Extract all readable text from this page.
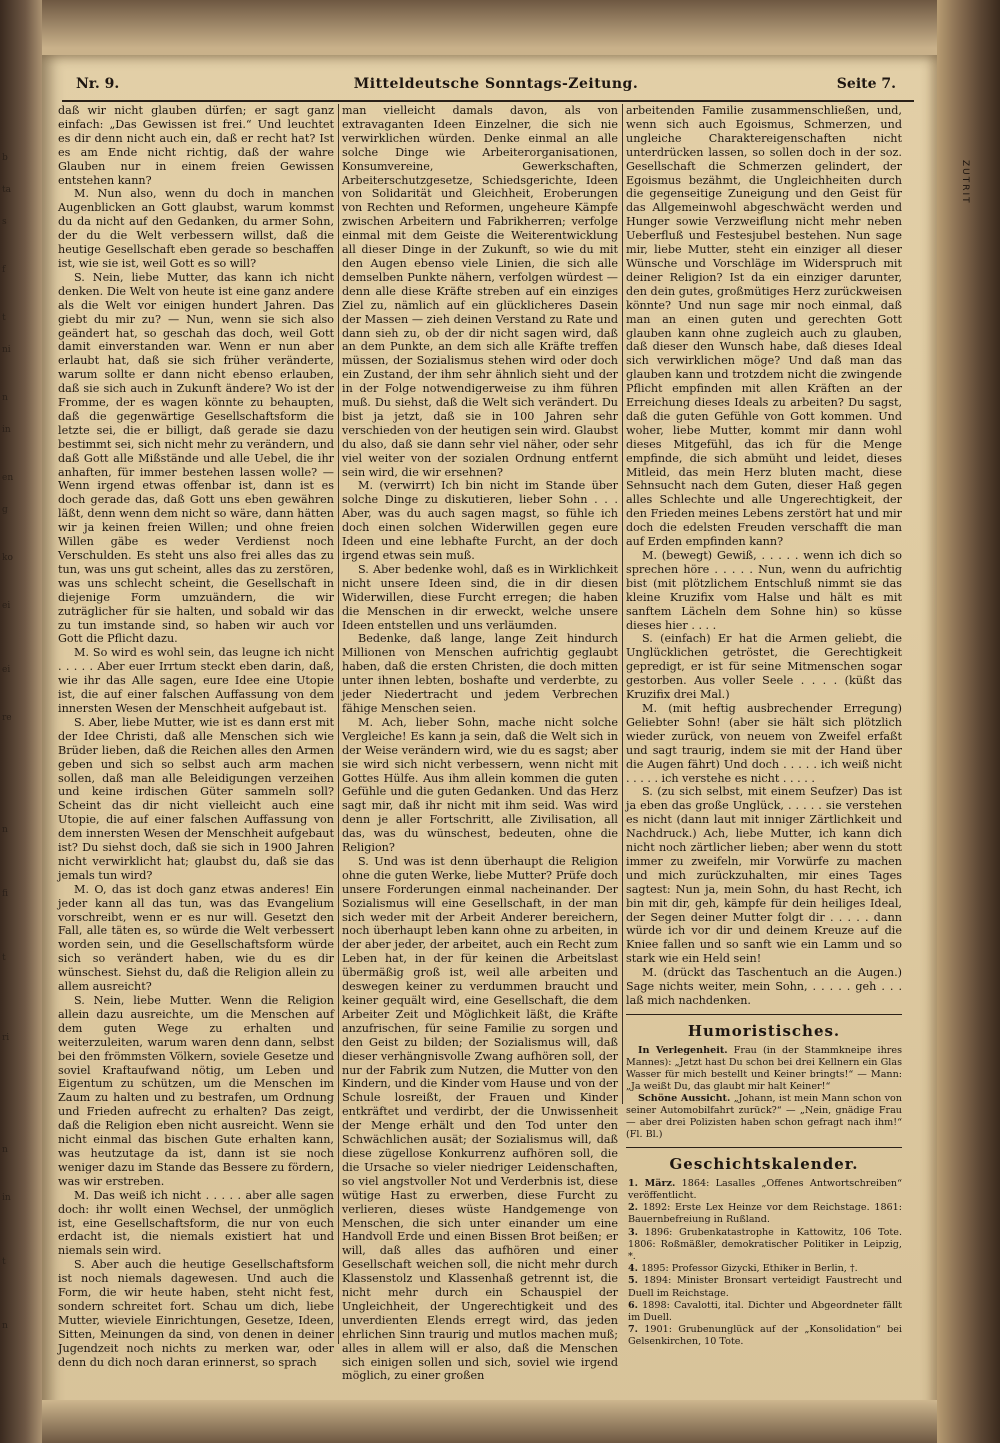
b

ta

s

f

t

ni

n

in

en

g

ko

ei

ei

re

n

fi

t

ri

n

in

t

n

ZUTRIT
Nr. 9.	Mitteldeutsche Sonntags-Zeitung.	Seite 7.

daß wir nicht glauben dürfen; er sagt ganz einfach: „Das Gewissen ist frei.“ Und leuchtet es dir denn nicht auch ein, daß er recht hat? Ist es am Ende nicht richtig, daß der wahre Glauben nur in einem freien Gewissen entstehen kann?

M. Nun also, wenn du doch in manchen Augenblicken an Gott glaubst, warum kommst du da nicht auf den Gedanken, du armer Sohn, der du die Welt verbessern willst, daß die heutige Gesellschaft eben gerade so beschaffen ist, wie sie ist, weil Gott es so will?

S. Nein, liebe Mutter, das kann ich nicht denken. Die Welt von heute ist eine ganz andere als die Welt vor einigen hundert Jahren. Das giebt du mir zu? — Nun, wenn sie sich also geändert hat, so geschah das doch, weil Gott damit einverstanden war. Wenn er nun aber erlaubt hat, daß sie sich früher veränderte, warum sollte er dann nicht ebenso erlauben, daß sie sich auch in Zukunft ändere? Wo ist der Fromme, der es wagen könnte zu behaupten, daß die gegenwärtige Gesellschaftsform die letzte sei, die er billigt, daß gerade sie dazu bestimmt sei, sich nicht mehr zu verändern, und daß Gott alle Mißstände und alle Uebel, die ihr anhaften, für immer bestehen lassen wolle? — Wenn irgend etwas offenbar ist, dann ist es doch gerade das, daß Gott uns eben gewähren läßt, denn wenn dem nicht so wäre, dann hätten wir ja keinen freien Willen; und ohne freien Willen gäbe es weder Verdienst noch Verschulden. Es steht uns also frei alles das zu tun, was uns gut scheint, alles das zu zerstören, was uns schlecht scheint, die Gesellschaft in diejenige Form umzuändern, die wir zuträglicher für sie halten, und sobald wir das zu tun imstande sind, so haben wir auch vor Gott die Pflicht dazu.

M. So wird es wohl sein, das leugne ich nicht . . . . . Aber euer Irrtum steckt eben darin, daß, wie ihr das Alle sagen, eure Idee eine Utopie ist, die auf einer falschen Auffassung von dem innersten Wesen der Menschheit aufgebaut ist.

S. Aber, liebe Mutter, wie ist es dann erst mit der Idee Christi, daß alle Menschen sich wie Brüder lieben, daß die Reichen alles den Armen geben und sich so selbst auch arm machen sollen, daß man alle Beleidigungen verzeihen und keine irdischen Güter sammeln soll? Scheint das dir nicht vielleicht auch eine Utopie, die auf einer falschen Auffassung von dem innersten Wesen der Menschheit aufgebaut ist? Du siehst doch, daß sie sich in 1900 Jahren nicht verwirklicht hat; glaubst du, daß sie das jemals tun wird?

M. O, das ist doch ganz etwas anderes! Ein jeder kann all das tun, was das Evangelium vorschreibt, wenn er es nur will. Gesetzt den Fall, alle täten es, so würde die Welt verbessert worden sein, und die Gesellschaftsform würde sich so verändert haben, wie du es dir wünschest. Siehst du, daß die Religion allein zu allem ausreicht?

S. Nein, liebe Mutter. Wenn die Religion allein dazu ausreichte, um die Menschen auf dem guten Wege zu erhalten und weiterzuleiten, warum waren denn dann, selbst bei den frömmsten Völkern, soviele Gesetze und soviel Kraftaufwand nötig, um Leben und Eigentum zu schützen, um die Menschen im Zaum zu halten und zu bestrafen, um Ordnung und Frieden aufrecht zu erhalten? Das zeigt, daß die Religion eben nicht ausreicht. Wenn sie nicht einmal das bischen Gute erhalten kann, was heutzutage da ist, dann ist sie noch weniger dazu im Stande das Bessere zu fördern, was wir erstreben.

M. Das weiß ich nicht . . . . . aber alle sagen doch: ihr wollt einen Wechsel, der unmöglich ist, eine Gesellschaftsform, die nur von euch erdacht ist, die niemals existiert hat und niemals sein wird.

S. Aber auch die heutige Gesellschaftsform ist noch niemals dagewesen. Und auch die Form, die wir heute haben, steht nicht fest, sondern schreitet fort. Schau um dich, liebe Mutter, wieviele Einrichtungen, Gesetze, Ideen, Sitten, Meinungen da sind, von denen in deiner Jugendzeit noch nichts zu merken war, oder denn du dich noch daran erinnerst, so sprach

man vielleicht damals davon, als von extravaganten Ideen Einzelner, die sich nie verwirklichen würden. Denke einmal an alle solche Dinge wie Arbeiterorganisationen, Konsumvereine, Gewerkschaften, Arbeiterschutzgesetze, Schiedsgerichte, Ideen von Solidarität und Gleichheit, Eroberungen von Rechten und Reformen, ungeheure Kämpfe zwischen Arbeitern und Fabrikherren; verfolge einmal mit dem Geiste die Weiterentwicklung all dieser Dinge in der Zukunft, so wie du mit den Augen ebenso viele Linien, die sich alle demselben Punkte nähern, verfolgen würdest — denn alle diese Kräfte streben auf ein einziges Ziel zu, nämlich auf ein glücklicheres Dasein der Massen — zieh deinen Verstand zu Rate und dann sieh zu, ob der dir nicht sagen wird, daß an dem Punkte, an dem sich alle Kräfte treffen müssen, der Sozialismus stehen wird oder doch ein Zustand, der ihm sehr ähnlich sieht und der in der Folge notwendigerweise zu ihm führen muß. Du siehst, daß die Welt sich verändert. Du bist ja jetzt, daß sie in 100 Jahren sehr verschieden von der heutigen sein wird. Glaubst du also, daß sie dann sehr viel näher, oder sehr viel weiter von der sozialen Ordnung entfernt sein wird, die wir ersehnen?

M. (verwirrt) Ich bin nicht im Stande über solche Dinge zu diskutieren, lieber Sohn . . . Aber, was du auch sagen magst, so fühle ich doch einen solchen Widerwillen gegen eure Ideen und eine lebhafte Furcht, an der doch irgend etwas sein muß.

S. Aber bedenke wohl, daß es in Wirklichkeit nicht unsere Ideen sind, die in dir diesen Widerwillen, diese Furcht erregen; die haben die Menschen in dir erweckt, welche unsere Ideen entstellen und uns verläumden.

Bedenke, daß lange, lange Zeit hindurch Millionen von Menschen aufrichtig geglaubt haben, daß die ersten Christen, die doch mitten unter ihnen lebten, boshafte und verderbte, zu jeder Niedertracht und jedem Verbrechen fähige Menschen seien.

M. Ach, lieber Sohn, mache nicht solche Vergleiche! Es kann ja sein, daß die Welt sich in der Weise verändern wird, wie du es sagst; aber sie wird sich nicht verbessern, wenn nicht mit Gottes Hülfe. Aus ihm allein kommen die guten Gefühle und die guten Gedanken. Und das Herz sagt mir, daß ihr nicht mit ihm seid. Was wird denn je aller Fortschritt, alle Zivilisation, all das, was du wünschest, bedeuten, ohne die Religion?

S. Und was ist denn überhaupt die Religion ohne die guten Werke, liebe Mutter? Prüfe doch unsere Forderungen einmal nacheinander. Der Sozialismus will eine Gesellschaft, in der man sich weder mit der Arbeit Anderer bereichern, noch überhaupt leben kann ohne zu arbeiten, in der aber jeder, der arbeitet, auch ein Recht zum Leben hat, in der für keinen die Arbeitslast übermäßig groß ist, weil alle arbeiten und deswegen keiner zu verdummen braucht und keiner gequält wird, eine Gesellschaft, die dem Arbeiter Zeit und Möglichkeit läßt, die Kräfte anzufrischen, für seine Familie zu sorgen und den Geist zu bilden; der Sozialismus will, daß dieser verhängnisvolle Zwang aufhören soll, der nur der Fabrik zum Nutzen, die Mutter von den Kindern, und die Kinder vom Hause und von der Schule losreißt, der Frauen und Kinder entkräftet und verdirbt, der die Unwissenheit der Menge erhält und den Tod unter den Schwächlichen ausät; der Sozialismus will, daß diese zügellose Konkurrenz aufhören soll, die die Ursache so vieler niedriger Leidenschaften, so viel angstvoller Not und Verderbnis ist, diese wütige Hast zu erwerben, diese Furcht zu verlieren, dieses wüste Handgemenge von Menschen, die sich unter einander um eine Handvoll Erde und einen Bissen Brot beißen; er will, daß alles das aufhören und einer Gesellschaft weichen soll, die nicht mehr durch Klassenstolz und Klassenhaß getrennt ist, die nicht mehr durch ein Schauspiel der Ungleichheit, der Ungerechtigkeit und des unverdienten Elends erregt wird, das jeden ehrlichen Sinn traurig und mutlos machen muß; alles in allem will er also, daß die Menschen sich einigen sollen und sich, soviel wie irgend möglich, zu einer großen

arbeitenden Familie zusammenschließen, und, wenn sich auch Egoismus, Schmerzen, und ungleiche Charaktereigenschaften nicht unterdrücken lassen, so sollen doch in der soz. Gesellschaft die Schmerzen gelindert, der Egoismus bezähmt, die Ungleichheiten durch die gegenseitige Zuneigung und den Geist für das Allgemeinwohl abgeschwächt werden und Hunger sowie Verzweiflung nicht mehr neben Ueberfluß und Festesjubel bestehen. Nun sage mir, liebe Mutter, steht ein einziger all dieser Wünsche und Vorschläge im Widerspruch mit deiner Religion? Ist da ein einziger darunter, den dein gutes, großmütiges Herz zurückweisen könnte? Und nun sage mir noch einmal, daß man an einen guten und gerechten Gott glauben kann ohne zugleich auch zu glauben, daß dieser den Wunsch habe, daß dieses Ideal sich verwirklichen möge? Und daß man das glauben kann und trotzdem nicht die zwingende Pflicht empfinden mit allen Kräften an der Erreichung dieses Ideals zu arbeiten? Du sagst, daß die guten Gefühle von Gott kommen. Und woher, liebe Mutter, kommt mir dann wohl dieses Mitgefühl, das ich für die Menge empfinde, die sich abmüht und leidet, dieses Mitleid, das mein Herz bluten macht, diese Sehnsucht nach dem Guten, dieser Haß gegen alles Schlechte und alle Ungerechtigkeit, der den Frieden meines Lebens zerstört hat und mir doch die edelsten Freuden verschafft die man auf Erden empfinden kann?

M. (bewegt) Gewiß, . . . . . wenn ich dich so sprechen höre . . . . . Nun, wenn du aufrichtig bist (mit plötzlichem Entschluß nimmt sie das kleine Kruzifix vom Halse und hält es mit sanftem Lächeln dem Sohne hin) so küsse dieses hier . . . .

S. (einfach) Er hat die Armen geliebt, die Unglücklichen getröstet, die Gerechtigkeit gepredigt, er ist für seine Mitmenschen sogar gestorben. Aus voller Seele . . . . (küßt das Kruzifix drei Mal.)

M. (mit heftig ausbrechender Erregung) Geliebter Sohn! (aber sie hält sich plötzlich wieder zurück, von neuem von Zweifel erfaßt und sagt traurig, indem sie mit der Hand über die Augen fährt) Und doch . . . . . ich weiß nicht . . . . . ich verstehe es nicht . . . . .

S. (zu sich selbst, mit einem Seufzer) Das ist ja eben das große Unglück, . . . . . sie verstehen es nicht (dann laut mit inniger Zärtlichkeit und Nachdruck.) Ach, liebe Mutter, ich kann dich nicht noch zärtlicher lieben; aber wenn du stott immer zu zweifeln, mir Vorwürfe zu machen und mich zurückzuhalten, mir eines Tages sagtest: Nun ja, mein Sohn, du hast Recht, ich bin mit dir, geh, kämpfe für dein heiliges Ideal, der Segen deiner Mutter folgt dir . . . . . dann würde ich vor dir und deinem Kreuze auf die Kniee fallen und so sanft wie ein Lamm und so stark wie ein Held sein!

M. (drückt das Taschentuch an die Augen.) Sage nichts weiter, mein Sohn, . . . . . geh . . . laß mich nachdenken.

Humoristisches.

In Verlegenheit. Frau (in der Stammkneipe ihres Mannes): „Jetzt hast Du schon bei drei Kellnern ein Glas Wasser für mich bestellt und Keiner bringts!“ — Mann: „Ja weißt Du, das glaubt mir halt Keiner!“

Schöne Aussicht. „Johann, ist mein Mann schon von seiner Automobilfahrt zurück?“ — „Nein, gnädige Frau — aber drei Polizisten haben schon gefragt nach ihm!“ (Fl. Bl.)

Geschichtskalender.
1. März. 1864: Lasalles „Offenes Antwortschreiben“ veröffentlicht.
2. 1892: Erste Lex Heinze vor dem Reichstage. 1861: Bauernbefreiung in Rußland.
3. 1896: Grubenkatastrophe in Kattowitz, 106 Tote. 1806: Roßmäßler, demokratischer Politiker in Leipzig, *.
4. 1895: Professor Gizycki, Ethiker in Berlin, †.
5. 1894: Minister Bronsart verteidigt Faustrecht und Duell im Reichstage.
6. 1898: Cavalotti, ital. Dichter und Abgeordneter fällt im Duell.
7. 1901: Grubenunglück auf der „Konsolidation“ bei Gelsenkirchen, 10 Tote.
